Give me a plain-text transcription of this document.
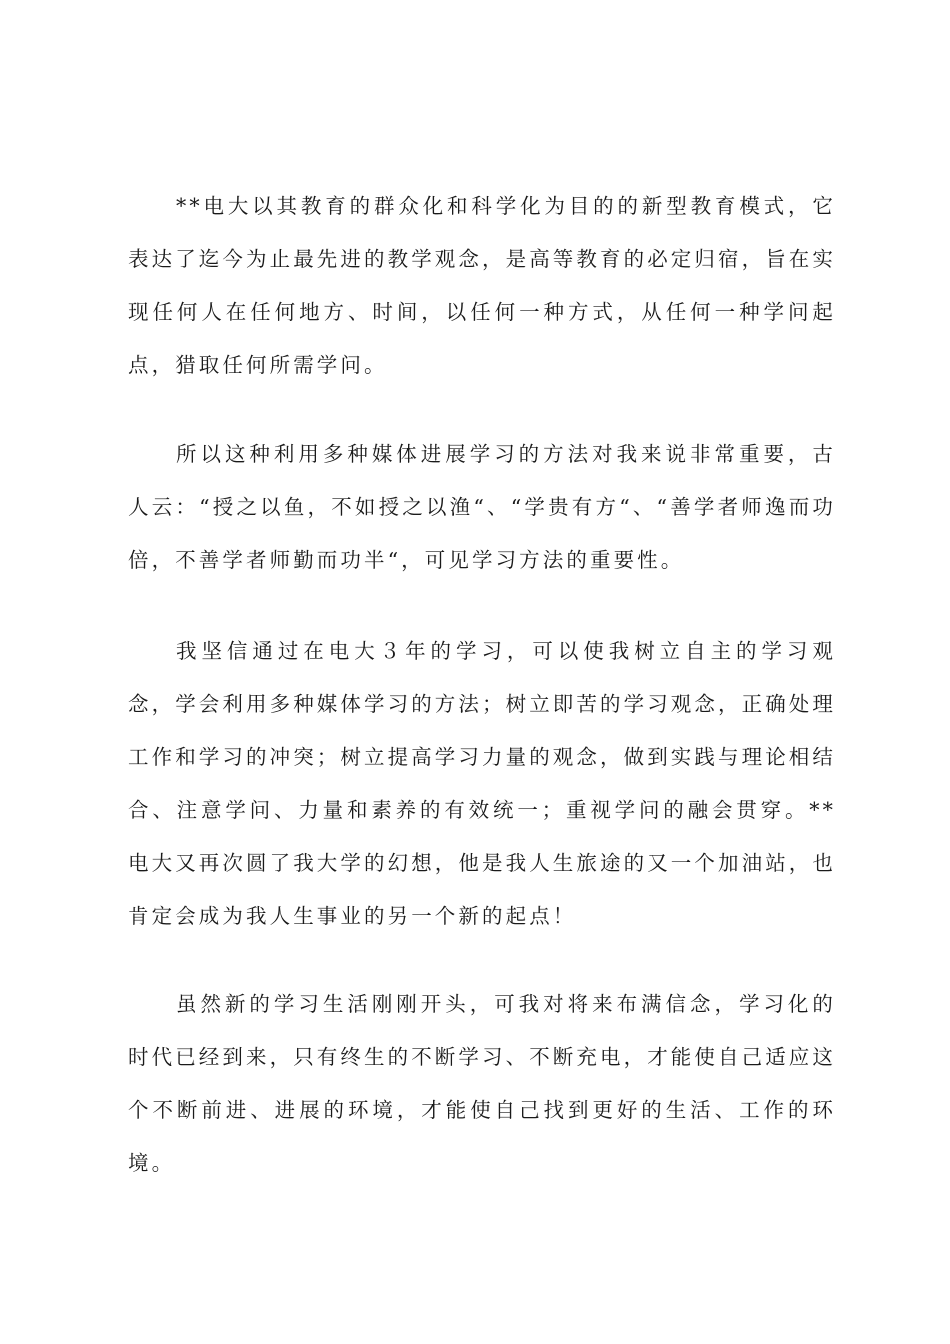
**电大以其教育的群众化和科学化为目的的新型教育模式，它表达了迄今为止最先进的教学观念，是高等教育的必定归宿，旨在实现任何人在任何地方、时间，以任何一种方式，从任何一种学问起点，猎取任何所需学问。

所以这种利用多种媒体进展学习的方法对我来说非常重要，古人云：“授之以鱼，不如授之以渔“、“学贵有方“、“善学者师逸而功倍，不善学者师勤而功半“，可见学习方法的重要性。

我坚信通过在电大３年的学习，可以使我树立自主的学习观念，学会利用多种媒体学习的方法；树立即苦的学习观念，正确处理工作和学习的冲突；树立提高学习力量的观念，做到实践与理论相结合、注意学问、力量和素养的有效统一；重视学问的融会贯穿。**电大又再次圆了我大学的幻想，他是我人生旅途的又一个加油站，也肯定会成为我人生事业的另一个新的起点！

虽然新的学习生活刚刚开头，可我对将来布满信念，学习化的时代已经到来，只有终生的不断学习、不断充电，才能使自己适应这个不断前进、进展的环境，才能使自己找到更好的生活、工作的环境。
